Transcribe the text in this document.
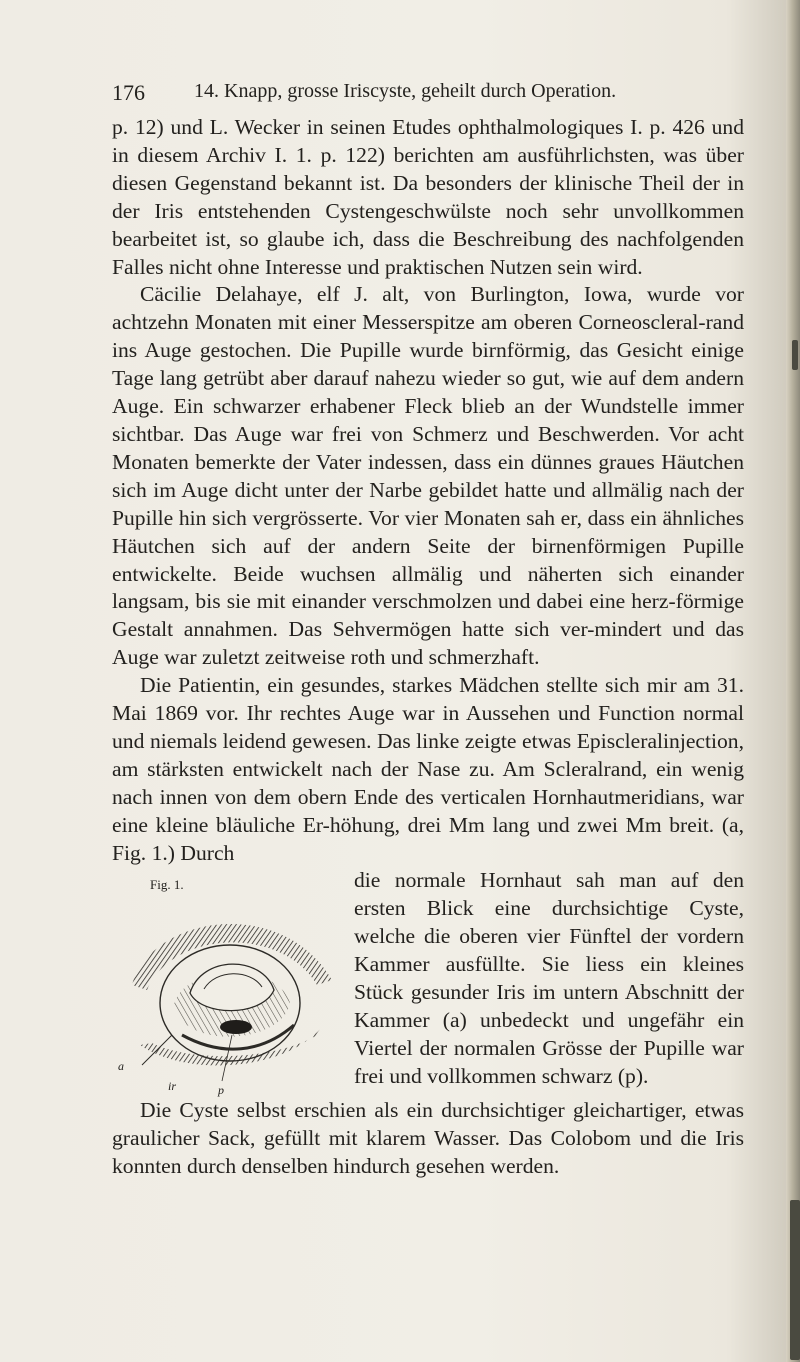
176 14. Knapp, grosse Iriscyste, geheilt durch Operation.

p. 12) und L. Wecker in seinen Etudes ophthalmologiques I. p. 426 und in diesem Archiv I. 1. p. 122) berichten am ausführlichsten, was über diesen Gegenstand bekannt ist. Da besonders der klinische Theil der in der Iris entstehenden Cystengeschwülste noch sehr unvollkommen bearbeitet ist, so glaube ich, dass die Beschreibung des nachfolgenden Falles nicht ohne Interesse und praktischen Nutzen sein wird.

Cäcilie Delahaye, elf J. alt, von Burlington, Iowa, wurde vor achtzehn Monaten mit einer Messerspitze am oberen Corneoscleral-rand ins Auge gestochen. Die Pupille wurde birnförmig, das Gesicht einige Tage lang getrübt aber darauf nahezu wieder so gut, wie auf dem andern Auge. Ein schwarzer erhabener Fleck blieb an der Wundstelle immer sichtbar. Das Auge war frei von Schmerz und Beschwerden. Vor acht Monaten bemerkte der Vater indessen, dass ein dünnes graues Häutchen sich im Auge dicht unter der Narbe gebildet hatte und allmälig nach der Pupille hin sich vergrösserte. Vor vier Monaten sah er, dass ein ähnliches Häutchen sich auf der andern Seite der birnenförmigen Pupille entwickelte. Beide wuchsen allmälig und näherten sich einander langsam, bis sie mit einander verschmolzen und dabei eine herz-förmige Gestalt annahmen. Das Sehvermögen hatte sich ver-mindert und das Auge war zuletzt zeitweise roth und schmerzhaft.

Die Patientin, ein gesundes, starkes Mädchen stellte sich mir am 31. Mai 1869 vor. Ihr rechtes Auge war in Aussehen und Function normal und niemals leidend gewesen. Das linke zeigte etwas Episcleralinjection, am stärksten entwickelt nach der Nase zu. Am Scleralrand, ein wenig nach innen von dem obern Ende des verticalen Hornhautmeridians, war eine kleine bläuliche Er-höhung, drei Mm lang und zwei Mm breit. (a, Fig. 1.) Durch

Fig. 1.
a
ir	p

die normale Hornhaut sah man auf den ersten Blick eine durchsichtige Cyste, welche die oberen vier Fünftel der vordern Kammer ausfüllte. Sie liess ein kleines Stück gesunder Iris im untern Abschnitt der Kammer (a) unbedeckt und ungefähr ein Viertel der normalen Grösse der Pupille war frei und vollkommen schwarz (p).

Die Cyste selbst erschien als ein durchsichtiger gleichartiger, etwas graulicher Sack, gefüllt mit klarem Wasser. Das Colobom und die Iris konnten durch denselben hindurch gesehen werden.
